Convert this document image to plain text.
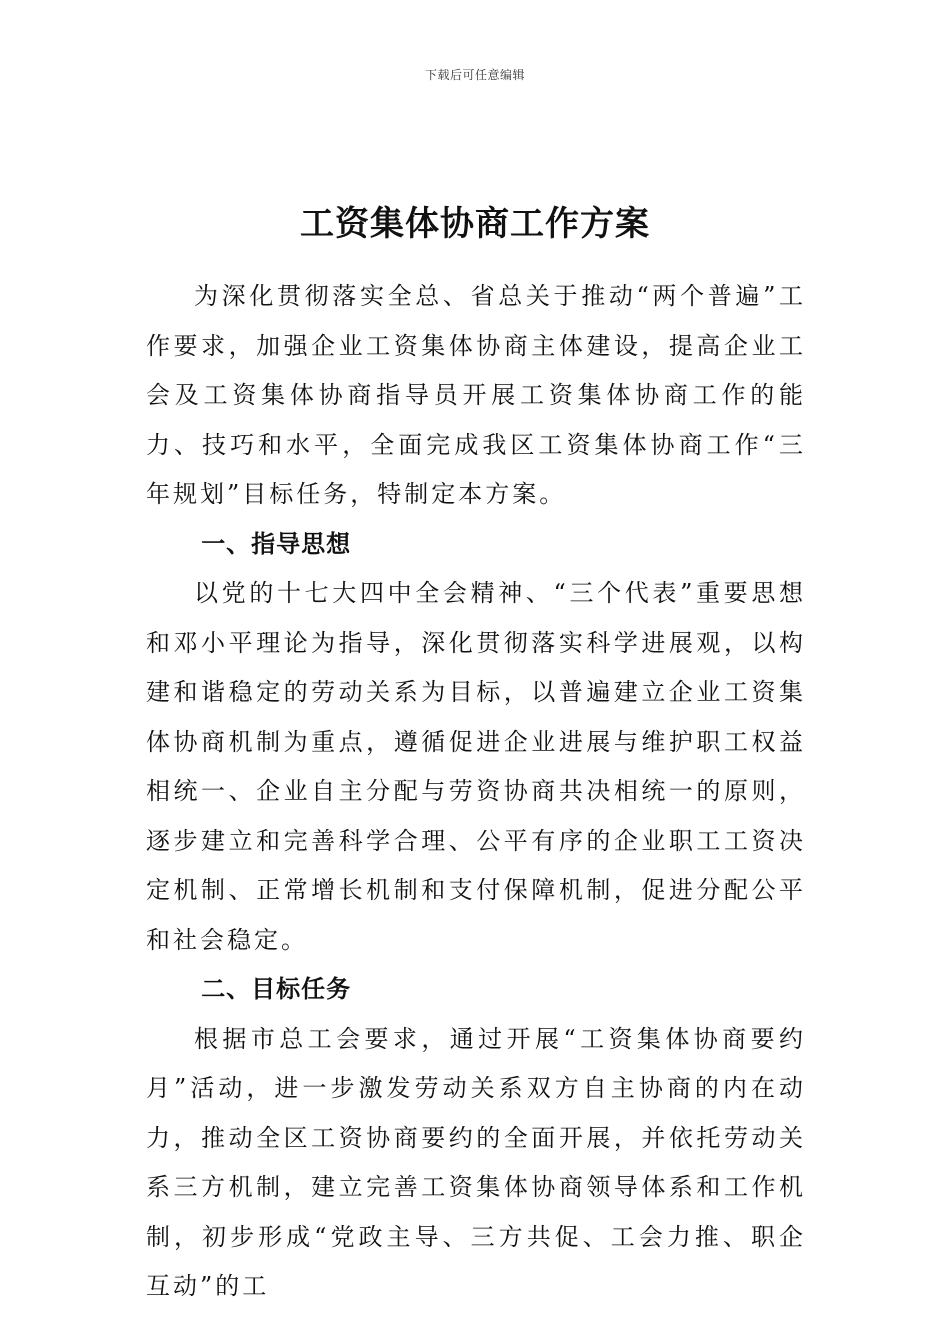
下载后可任意编辑
工资集体协商工作方案

为深化贯彻落实全总、省总关于推动“两个普遍”工作要求，加强企业工资集体协商主体建设，提高企业工会及工资集体协商指导员开展工资集体协商工作的能力、技巧和水平，全面完成我区工资集体协商工作“三年规划”目标任务，特制定本方案。

一、指导思想

以党的十七大四中全会精神、“三个代表”重要思想和邓小平理论为指导，深化贯彻落实科学进展观，以构建和谐稳定的劳动关系为目标，以普遍建立企业工资集体协商机制为重点，遵循促进企业进展与维护职工权益相统一、企业自主分配与劳资协商共决相统一的原则，逐步建立和完善科学合理、公平有序的企业职工工资决定机制、正常增长机制和支付保障机制，促进分配公平和社会稳定。

二、目标任务

根据市总工会要求，通过开展“工资集体协商要约月”活动，进一步激发劳动关系双方自主协商的内在动力，推动全区工资协商要约的全面开展，并依托劳动关系三方机制，建立完善工资集体协商领导体系和工作机制，初步形成“党政主导、三方共促、工会力推、职企互动”的工
